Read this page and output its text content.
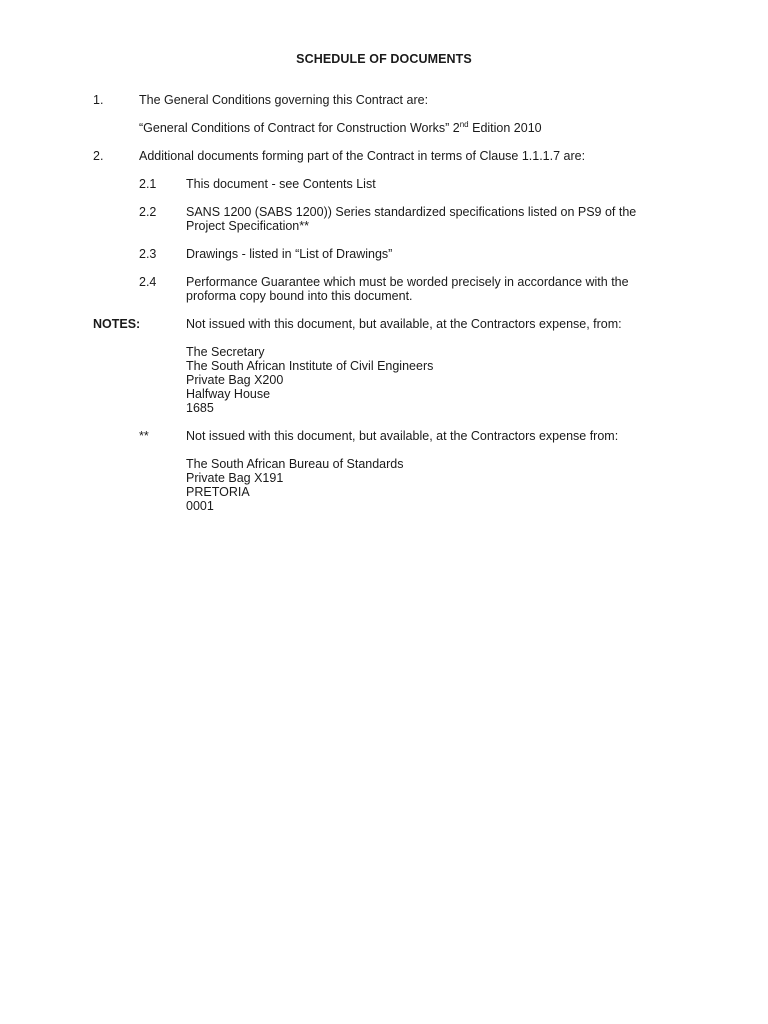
SCHEDULE OF DOCUMENTS
1.	The General Conditions governing this Contract are:
“General Conditions of Contract for Construction Works” 2nd Edition 2010
2.	Additional documents forming part of the Contract in terms of Clause 1.1.1.7 are:
2.1 This document - see Contents List
2.2 SANS 1200 (SABS 1200)) Series standardized specifications listed on PS9 of the
Project Specification**
2.3 Drawings - listed in “List of Drawings”
2.4 Performance Guarantee which must be worded precisely in accordance with the
proforma copy bound into this document.
NOTES:	Not issued with this document, but available, at the Contractors expense, from:
The Secretary
The South African Institute of Civil Engineers
Private Bag X200
Halfway House
1685
**	Not issued with this document, but available, at the Contractors expense from:
The South African Bureau of Standards
Private Bag X191
PRETORIA
0001
